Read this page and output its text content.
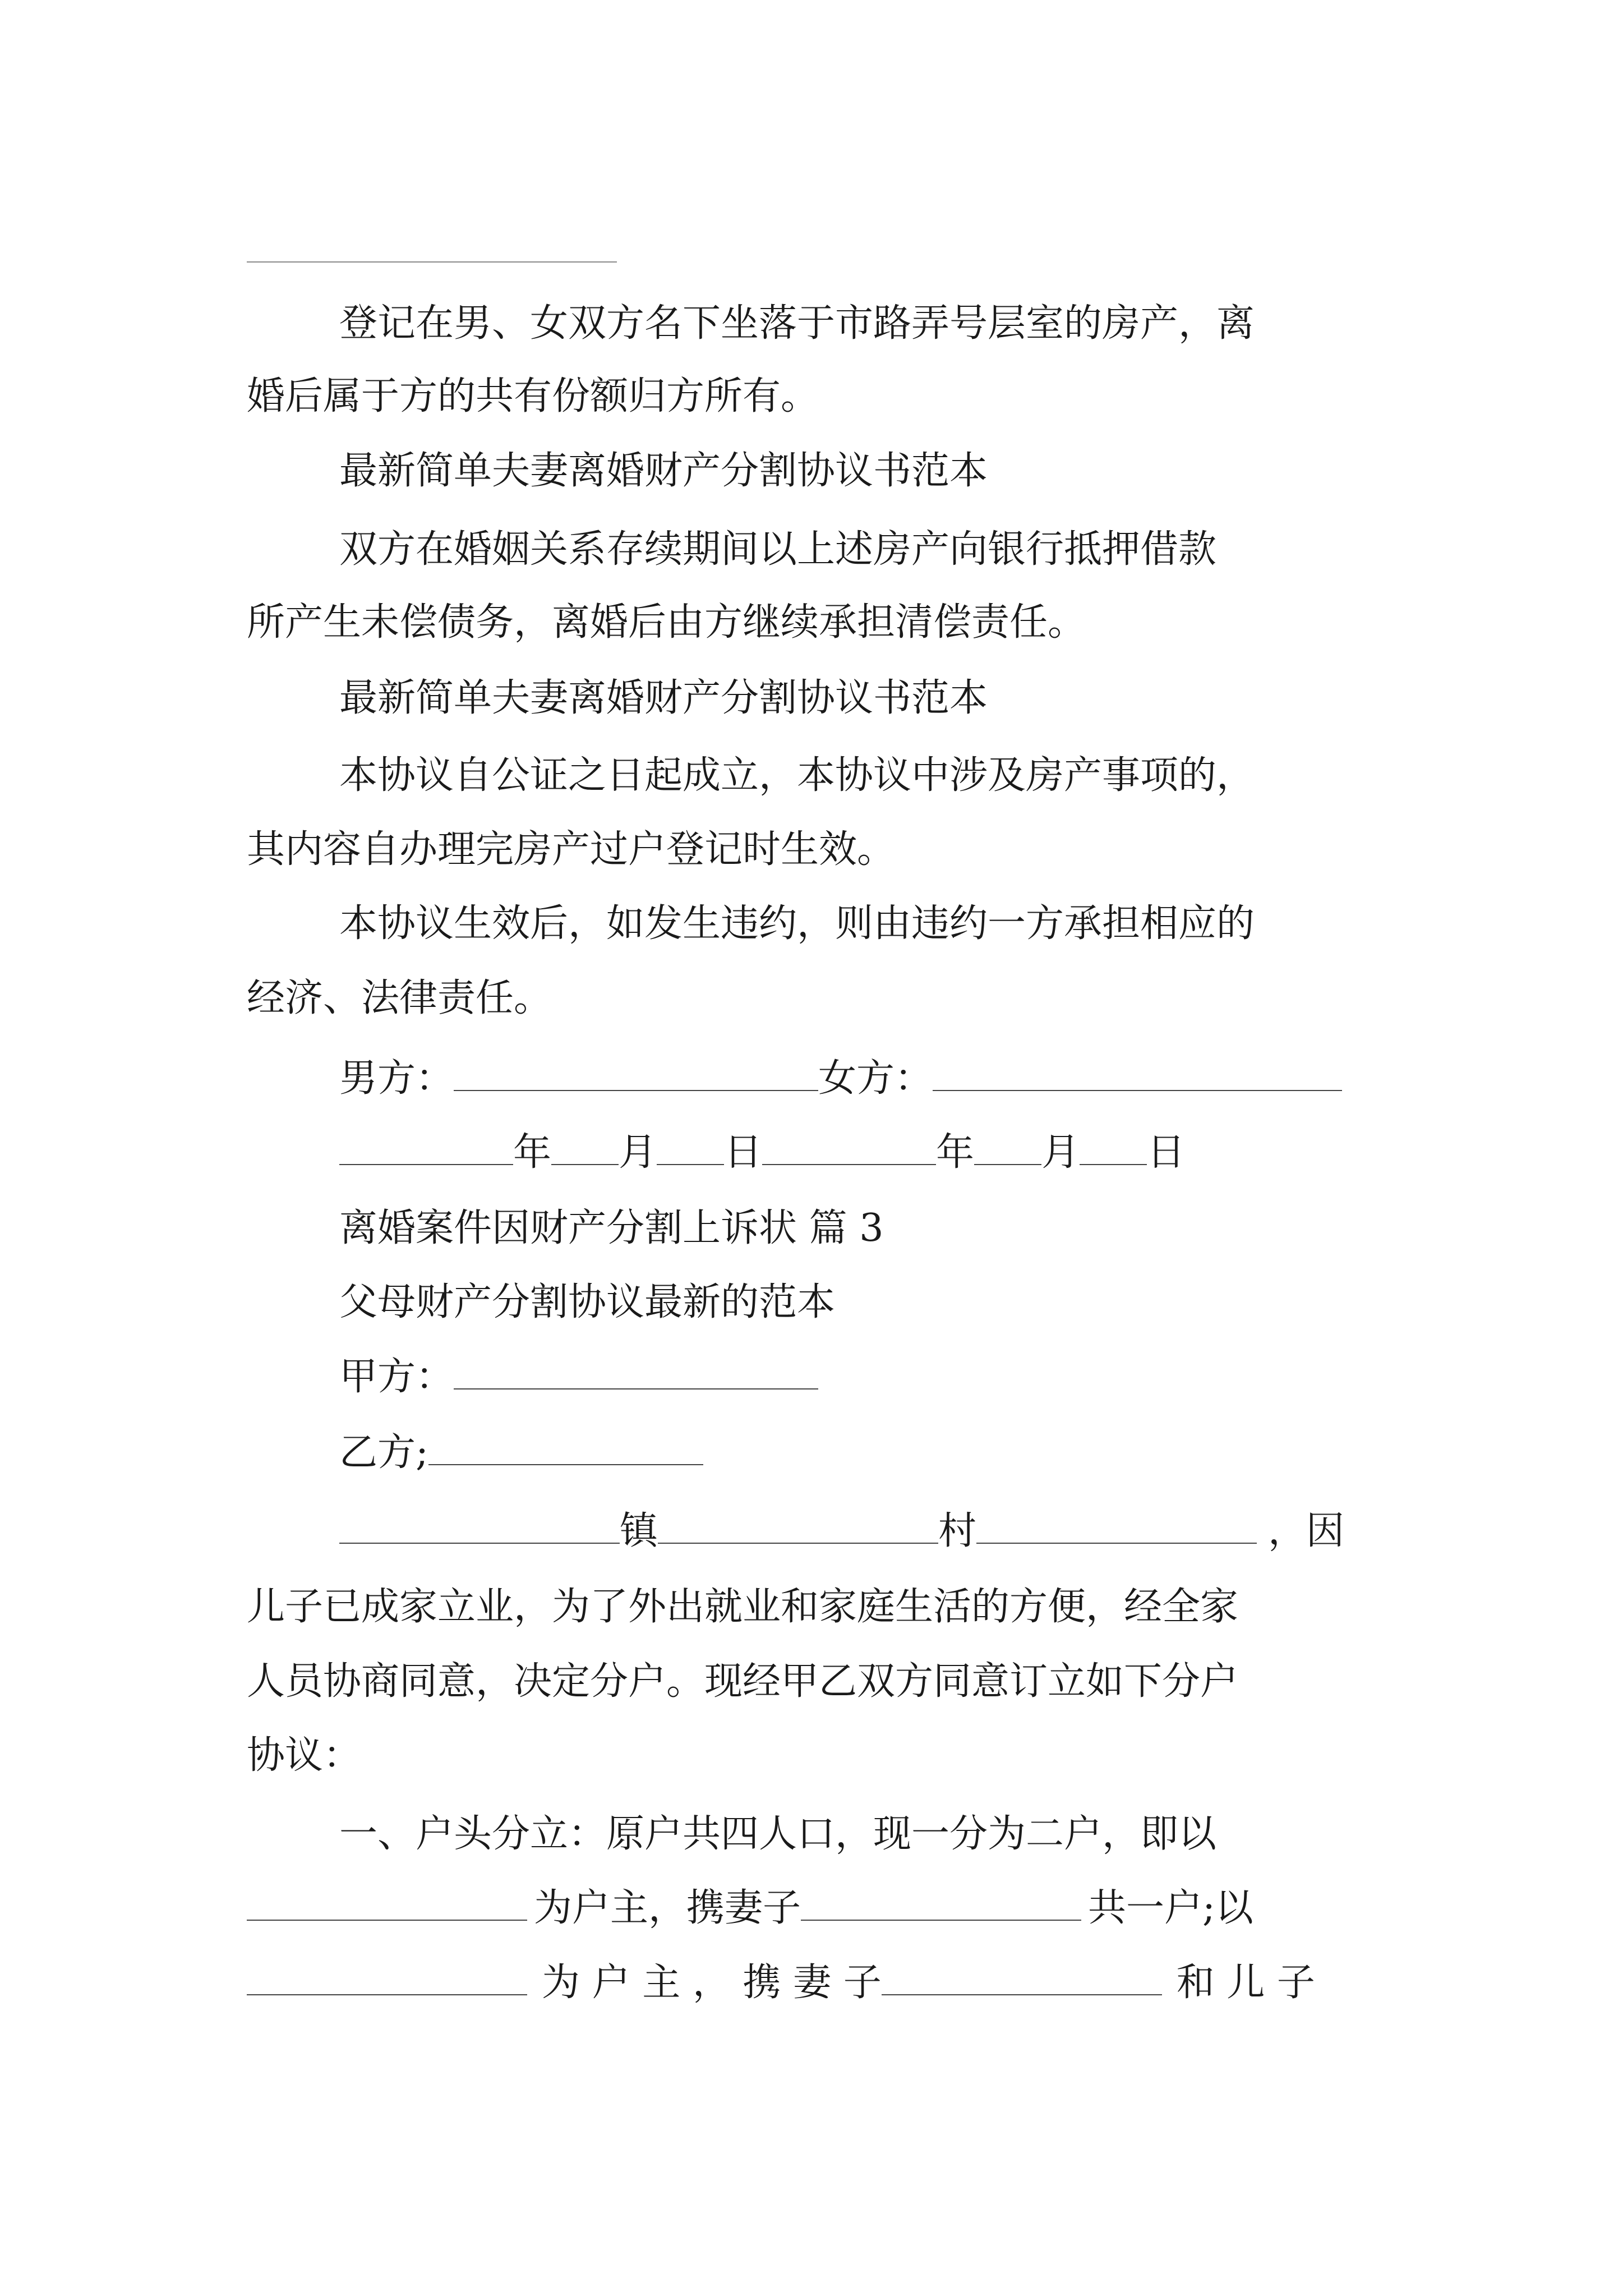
登记在男、女双方名下坐落于市路弄号层室的房产，离
婚后属于方的共有份额归方所有。
最新简单夫妻离婚财产分割协议书范本
双方在婚姻关系存续期间以上述房产向银行抵押借款
所产生未偿债务，离婚后由方继续承担清偿责任。
最新简单夫妻离婚财产分割协议书范本
本协议自公证之日起成立，本协议中涉及房产事项的，
其内容自办理完房产过户登记时生效。
本协议生效后，如发生违约，则由违约一方承担相应的
经济、法律责任。
男方：	女方：
年 月 日	年 月 日
离婚案件因财产分割上诉状 篇 3
父母财产分割协议最新的范本
甲方：
乙方;
镇	村	，因
儿子已成家立业，为了外出就业和家庭生活的方便，经全家
人员协商同意，决定分户。现经甲乙双方同意订立如下分户
协议：
一、户头分立：原户共四人口，现一分为二户，即以
为户主，携妻子	共一户;以
为 户 主 ， 携 妻 子	和 儿 子
